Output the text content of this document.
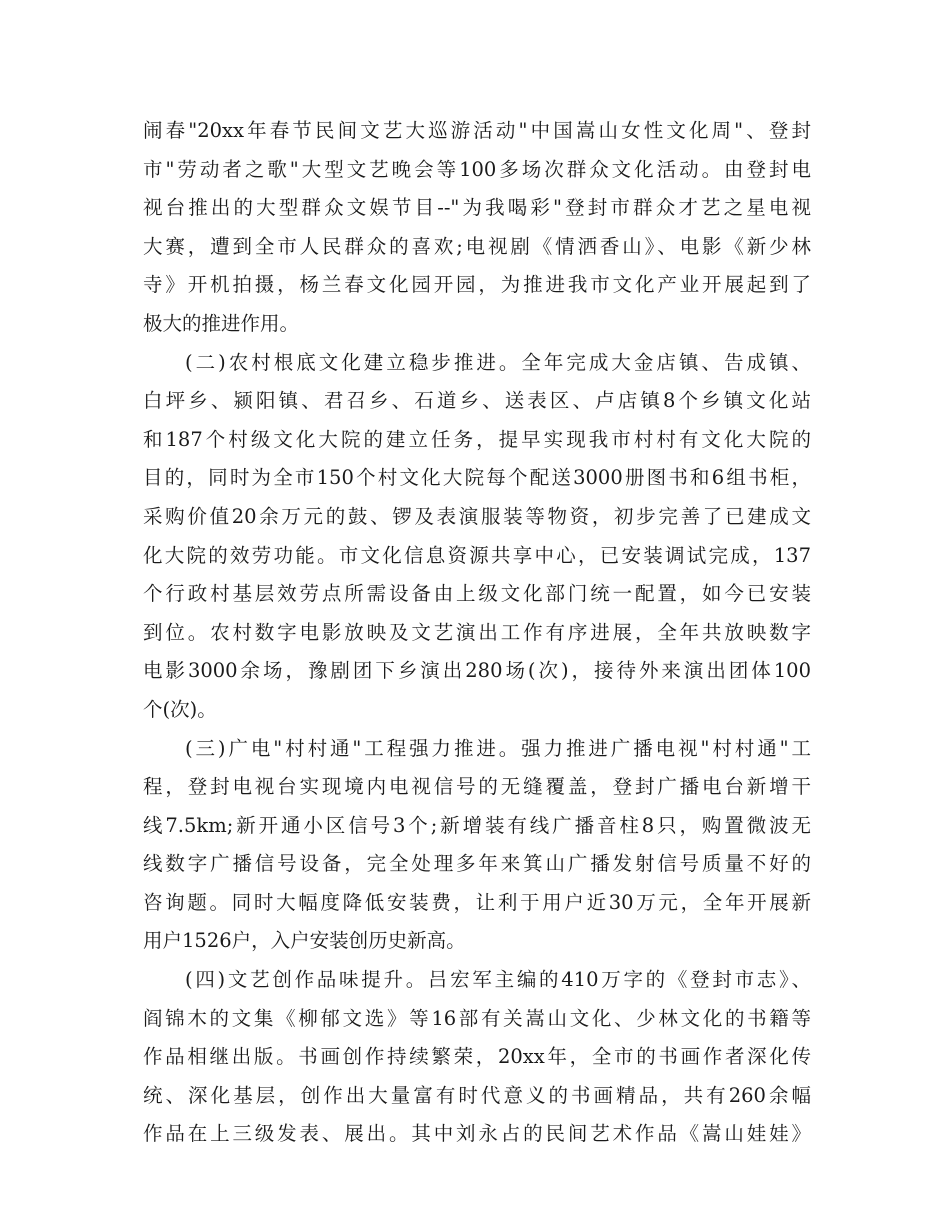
闹春"20xx年春节民间文艺大巡游活动"中国嵩山女性文化周"、登封
市"劳动者之歌"大型文艺晚会等100多场次群众文化活动。由登封电
视台推出的大型群众文娱节目--"为我喝彩"登封市群众才艺之星电视
大赛，遭到全市人民群众的喜欢;电视剧《情洒香山》、电影《新少林
寺》开机拍摄，杨兰春文化园开园，为推进我市文化产业开展起到了
极大的推进作用。
(二)农村根底文化建立稳步推进。全年完成大金店镇、告成镇、
白坪乡、颍阳镇、君召乡、石道乡、送表区、卢店镇8个乡镇文化站
和187个村级文化大院的建立任务，提早实现我市村村有文化大院的
目的，同时为全市150个村文化大院每个配送3000册图书和6组书柜，
采购价值20余万元的鼓、锣及表演服装等物资，初步完善了已建成文
化大院的效劳功能。市文化信息资源共享中心，已安装调试完成，137
个行政村基层效劳点所需设备由上级文化部门统一配置，如今已安装
到位。农村数字电影放映及文艺演出工作有序进展，全年共放映数字
电影3000余场，豫剧团下乡演出280场(次)，接待外来演出团体100
个(次)。
(三)广电"村村通"工程强力推进。强力推进广播电视"村村通"工
程，登封电视台实现境内电视信号的无缝覆盖，登封广播电台新增干
线7.5km;新开通小区信号3个;新增装有线广播音柱8只，购置微波无
线数字广播信号设备，完全处理多年来箕山广播发射信号质量不好的
咨询题。同时大幅度降低安装费，让利于用户近30万元，全年开展新
用户1526户，入户安装创历史新高。
(四)文艺创作品味提升。吕宏军主编的410万字的《登封市志》、
阎锦木的文集《柳郁文选》等16部有关嵩山文化、少林文化的书籍等
作品相继出版。书画创作持续繁荣，20xx年，全市的书画作者深化传
统、深化基层，创作出大量富有时代意义的书画精品，共有260余幅
作品在上三级发表、展出。其中刘永占的民间艺术作品《嵩山娃娃》
